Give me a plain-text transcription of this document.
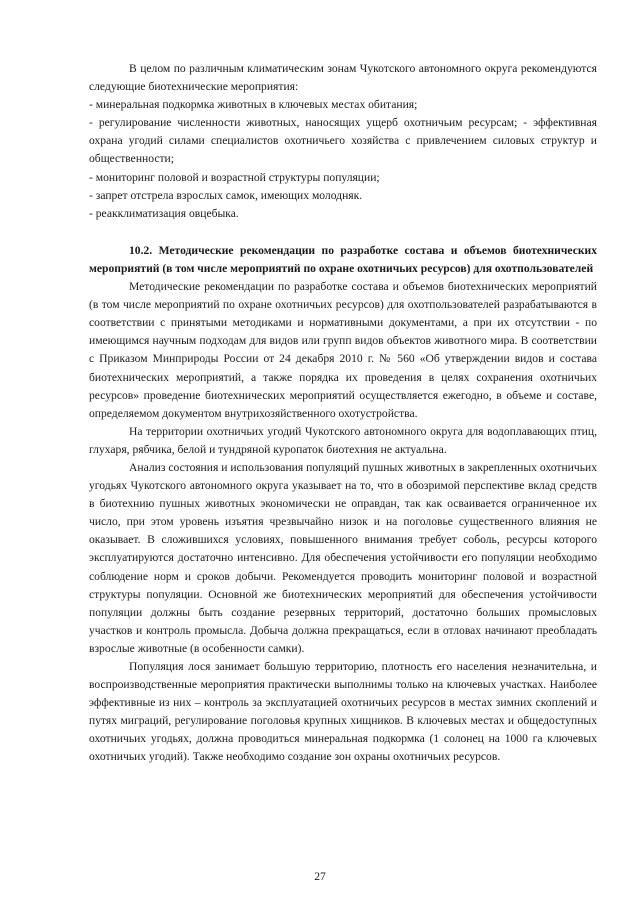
В целом по различным климатическим зонам Чукотского автономного округа рекомендуются следующие биотехнические мероприятия:

- минеральная подкормка животных в ключевых местах обитания;

- регулирование численности животных, наносящих ущерб охотничьим ресурсам; - эффективная охрана угодий силами специалистов охотничьего хозяйства с привлечением силовых структур и общественности;

- мониторинг половой и возрастной структуры популяции;

- запрет отстрела взрослых самок, имеющих молодняк.

- реакклиматизация овцебыка.

10.2. Методические рекомендации по разработке состава и объемов биотехнических мероприятий (в том числе мероприятий по охране охотничьих ресурсов) для охотпользователей

Методические рекомендации по разработке состава и объемов биотехнических мероприятий (в том числе мероприятий по охране охотничьих ресурсов) для охотпользователей разрабатываются в соответствии с принятыми методиками и нормативными документами, а при их отсутствии - по имеющимся научным подходам для видов или групп видов объектов животного мира. В соответствии с Приказом Минприроды России от 24 декабря 2010 г. № 560 «Об утверждении видов и состава биотехнических мероприятий, а также порядка их проведения в целях сохранения охотничьих ресурсов» проведение биотехнических мероприятий осуществляется ежегодно, в объеме и составе, определяемом документом внутрихозяйственного охотустройства.

На территории охотничьих угодий Чукотского автономного округа для водоплавающих птиц, глухаря, рябчика, белой и тундряной куропаток биотехния не актуальна.

Анализ состояния и использования популяций пушных животных в закрепленных охотничьих угодьях Чукотского автономного округа указывает на то, что в обозримой перспективе вклад средств в биотехнию пушных животных экономически не оправдан, так как осваивается ограниченное их число, при этом уровень изъятия чрезвычайно низок и на поголовье существенного влияния не оказывает. В сложившихся условиях, повышенного внимания требует соболь, ресурсы которого эксплуатируются достаточно интенсивно. Для обеспечения устойчивости его популяции необходимо соблюдение норм и сроков добычи. Рекомендуется проводить мониторинг половой и возрастной структуры популяции. Основной же биотехнических мероприятий для обеспечения устойчивости популяции должны быть создание резервных территорий, достаточно больших промысловых участков и контроль промысла. Добыча должна прекращаться, если в отловах начинают преобладать взрослые животные (в особенности самки).

Популяция лося занимает большую территорию, плотность его населения незначительна, и воспроизводственные мероприятия практически выполнимы только на ключевых участках. Наиболее эффективные из них – контроль за эксплуатацией охотничьих ресурсов в местах зимних скоплений и путях миграций, регулирование поголовья крупных хищников. В ключевых местах и общедоступных охотничьих угодьях, должна проводиться минеральная подкормка (1 солонец на 1000 га ключевых охотничьих угодий). Также необходимо создание зон охраны охотничьих ресурсов.

27
